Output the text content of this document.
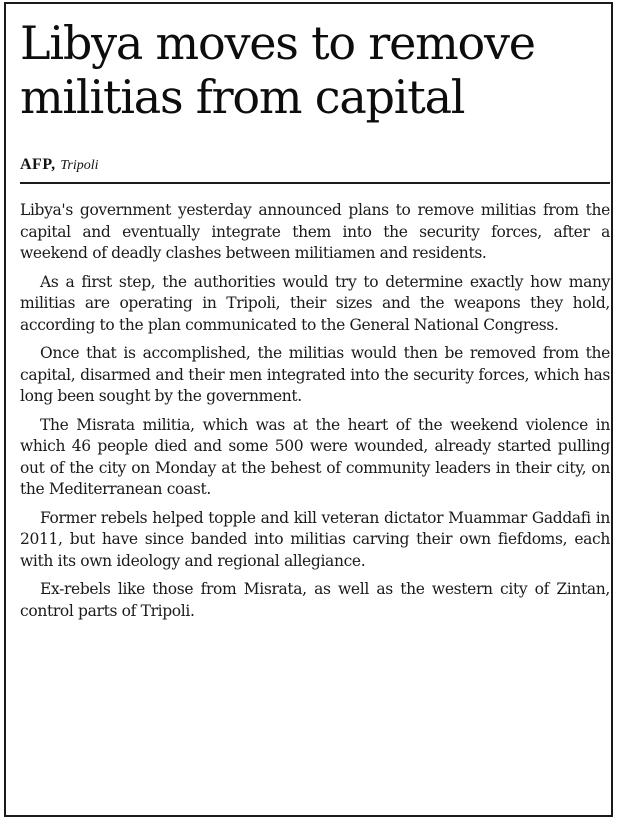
Libya moves to remove militias from capital
AFP, Tripoli

Libya's government yesterday announced plans to remove militias from the capital and eventually integrate them into the security forces, after a weekend of deadly clashes between militiamen and residents.

As a first step, the authorities would try to determine exactly how many militias are operating in Tripoli, their sizes and the weapons they hold, according to the plan communicated to the General National Congress.

Once that is accomplished, the militias would then be removed from the capital, disarmed and their men integrated into the security forces, which has long been sought by the government.

The Misrata militia, which was at the heart of the weekend violence in which 46 people died and some 500 were wounded, already started pulling out of the city on Monday at the behest of community leaders in their city, on the Mediterranean coast.

Former rebels helped topple and kill veteran dictator Muammar Gaddafi in 2011, but have since banded into militias carving their own fiefdoms, each with its own ideology and regional allegiance.

Ex-rebels like those from Misrata, as well as the western city of Zintan, control parts of Tripoli.
